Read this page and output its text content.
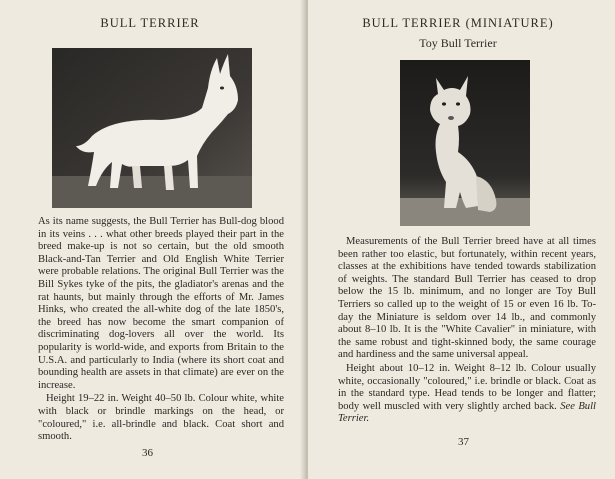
BULL TERRIER

As its name suggests, the Bull Terrier has Bull-dog blood in its veins . . . what other breeds played their part in the breed make-up is not so certain, but the old smooth Black-and-Tan Terrier and Old English White Terrier were probable relations. The original Bull Terrier was the Bill Sykes tyke of the pits, the gladiator's arenas and the rat haunts, but mainly through the efforts of Mr. James Hinks, who created the all-white dog of the late 1850's, the breed has now become the smart companion of discriminating dog-lovers all over the world. Its popularity is world-wide, and exports from Britain to the U.S.A. and particularly to India (where its short coat and bounding health are assets in that climate) are ever on the increase.

Height 19–22 in. Weight 40–50 lb. Colour white, white with black or brindle markings on the head, or "coloured," i.e. all-brindle and black. Coat short and smooth.

36
BULL TERRIER (MINIATURE)
Toy Bull Terrier

Measurements of the Bull Terrier breed have at all times been rather too elastic, but fortunately, within recent years, classes at the exhibitions have tended towards stabilization of weights. The standard Bull Terrier has ceased to drop below the 15 lb. minimum, and no longer are Toy Bull Terriers so called up to the weight of 15 or even 16 lb. To-day the Miniature is seldom over 14 lb., and commonly about 8–10 lb. It is the "White Cavalier" in miniature, with the same robust and tight-skinned body, the same courage and hardiness and the same universal appeal.

Height about 10–12 in. Weight 8–12 lb. Colour usually white, occasionally "coloured," i.e. brindle or black. Coat as in the standard type. Head tends to be longer and flatter; body well muscled with very slightly arched back. See Bull Terrier.

37
